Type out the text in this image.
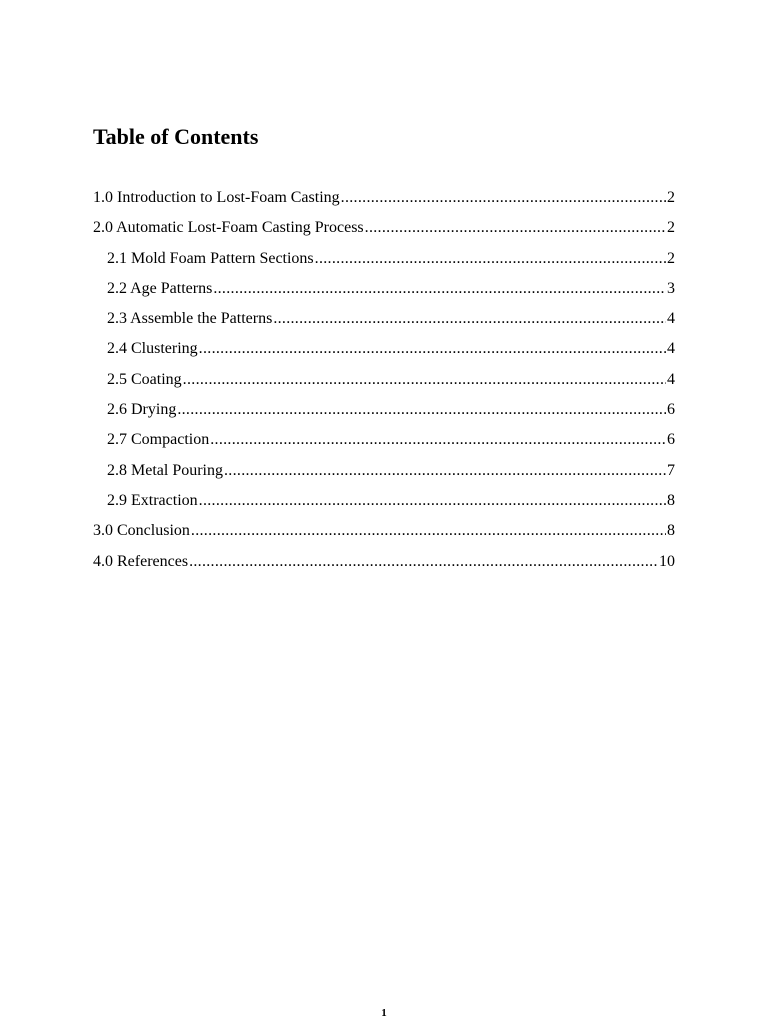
Table of Contents
1.0 Introduction to Lost-Foam Casting .....	2
2.0 Automatic Lost-Foam Casting Process .....	2
2.1 Mold Foam Pattern Sections .....	2
2.2 Age Patterns .....	3
2.3 Assemble the Patterns .....	4
2.4 Clustering .....	4
2.5 Coating .....	4
2.6 Drying .....	6
2.7 Compaction .....	6
2.8 Metal Pouring .....	7
2.9 Extraction .....	8
3.0 Conclusion .....	8
4.0 References .....	10
1
